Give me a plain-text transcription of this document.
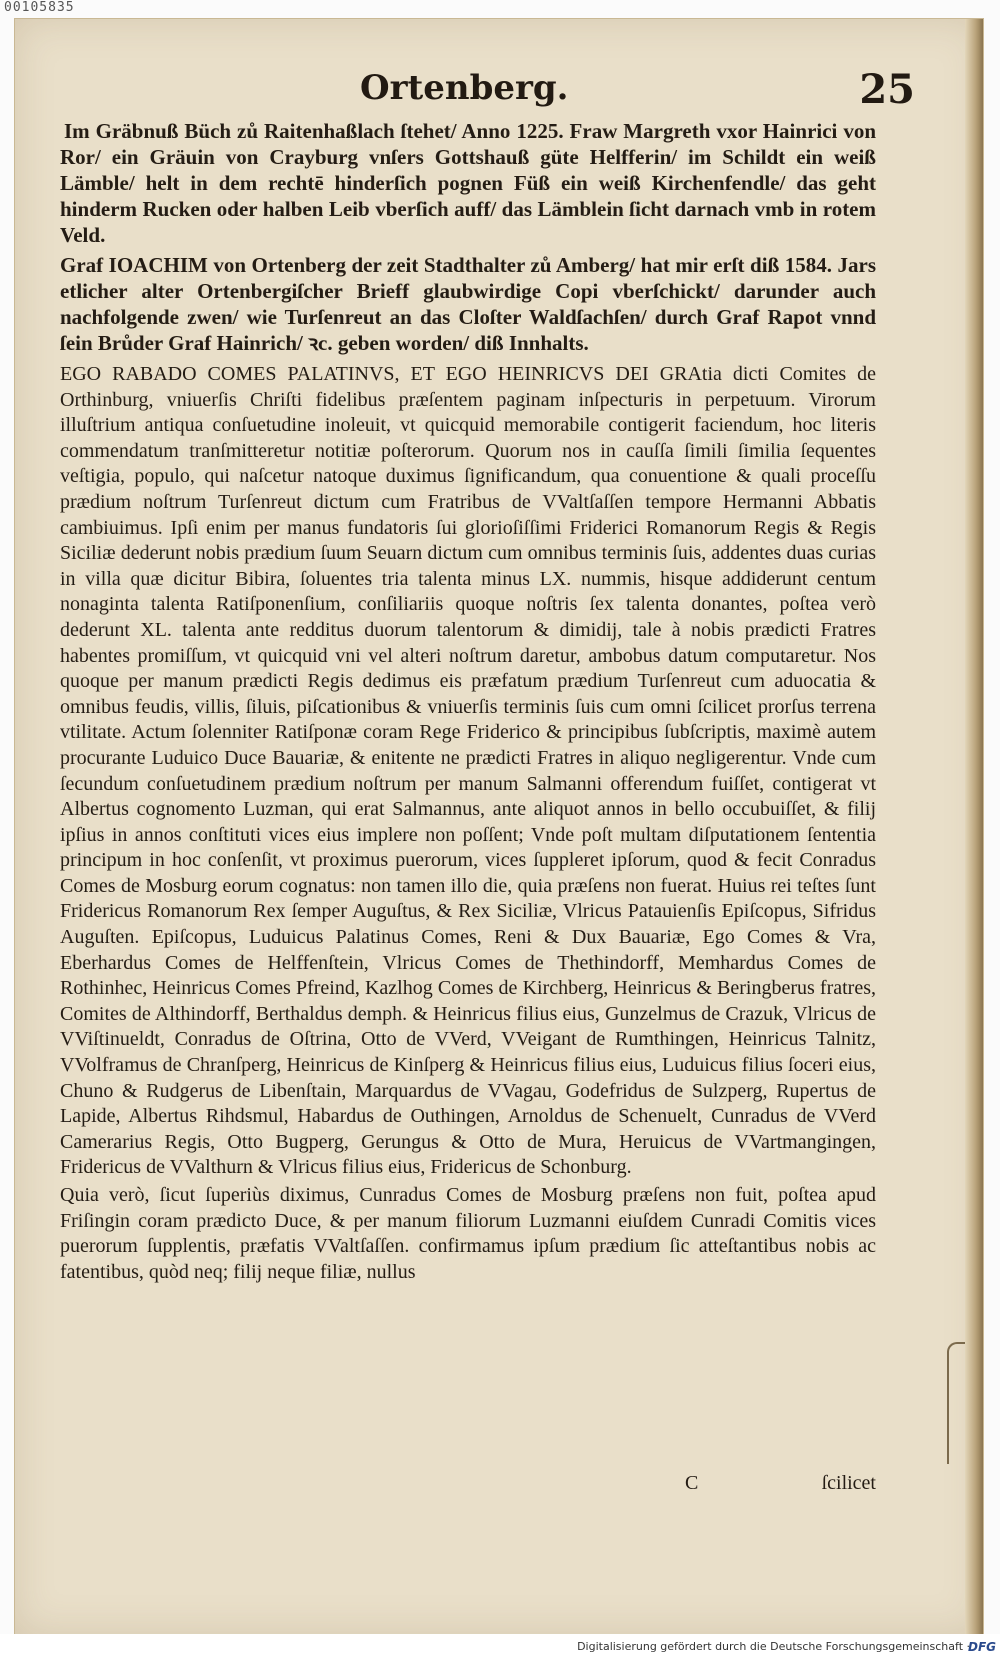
00105835
Ortenberg.	25

Im Gräbnuß Büch zů Raitenhaßlach ſtehet/ Anno 1225. Fraw Margreth vxor Hainrici von Ror/ ein Gräuin von Crayburg vnſers Gottshauß güte Helfferin/ im Schildt ein weiß Lämble/ helt in dem rechtē hinderſich pognen Füß ein weiß Kirchenfendle/ das geht hinderm Rucken oder halben Leib vberſich auff/ das Lämblein ſicht darnach vmb in rotem Veld.

Graf IOACHIM von Ortenberg der zeit Stadthalter zů Amberg/ hat mir erſt diß 1584. Jars etlicher alter Ortenbergiſcher Brieff glaubwirdige Copi vberſchickt/ darunder auch nachfolgende zwen/ wie Turſenreut an das Cloſter Waldſachſen/ durch Graf Rapot vnnd ſein Brůder Graf Hainrich/ ꝛc. geben worden/ diß Innhalts.

EGO RABADO COMES PALATINVS, ET EGO HEINRICVS DEI GRAtia dicti Comites de Orthinburg, vniuerſis Chriſti fidelibus præſentem paginam inſpecturis in perpetuum. Virorum illuſtrium antiqua conſuetudine inoleuit, vt quicquid memorabile contigerit faciendum, hoc literis commendatum tranſmitteretur notitiæ poſterorum. Quorum nos in cauſſa ſimili ſimilia ſequentes veſtigia, populo, qui naſcetur natoque duximus ſignificandum, qua conuentione & quali proceſſu prædium noſtrum Turſenreut dictum cum Fratribus de VValtſaſſen tempore Hermanni Abbatis cambiuimus. Ipſi enim per manus fundatoris ſui glorioſiſſimi Friderici Romanorum Regis & Regis Siciliæ dederunt nobis prædium ſuum Seuarn dictum cum omnibus terminis ſuis, addentes duas curias in villa quæ dicitur Bibira, ſoluentes tria talenta minus LX. nummis, hisque addiderunt centum nonaginta talenta Ratiſponenſium, conſiliariis quoque noſtris ſex talenta donantes, poſtea verò dederunt XL. talenta ante redditus duorum talentorum & dimidij, tale à nobis prædicti Fratres habentes promiſſum, vt quicquid vni vel alteri noſtrum daretur, ambobus datum computaretur. Nos quoque per manum prædicti Regis dedimus eis præfatum prædium Turſenreut cum aduocatia & omnibus feudis, villis, ſiluis, piſcationibus & vniuerſis terminis ſuis cum omni ſcilicet prorſus terrena vtilitate. Actum ſolenniter Ratiſponæ coram Rege Friderico & principibus ſubſcriptis, maximè autem procurante Luduico Duce Bauariæ, & enitente ne prædicti Fratres in aliquo negligerentur. Vnde cum ſecundum conſuetudinem prædium noſtrum per manum Salmanni offerendum fuiſſet, contigerat vt Albertus cognomento Luzman, qui erat Salmannus, ante aliquot annos in bello occubuiſſet, & filij ipſius in annos conſtituti vices eius implere non poſſent; Vnde poſt multam diſputationem ſententia principum in hoc conſenſit, vt proximus puerorum, vices ſuppleret ipſorum, quod & fecit Conradus Comes de Mosburg eorum cognatus: non tamen illo die, quia præſens non fuerat. Huius rei teſtes ſunt Fridericus Romanorum Rex ſemper Auguſtus, & Rex Siciliæ, Vlricus Patauienſis Epiſcopus, Sifridus Auguſten. Epiſcopus, Luduicus Palatinus Comes, Reni & Dux Bauariæ, Ego Comes & Vra, Eberhardus Comes de Helffenſtein, Vlricus Comes de Thethindorff, Memhardus Comes de Rothinhec, Heinricus Comes Pfreind, Kazlhog Comes de Kirchberg, Heinricus & Beringberus fratres, Comites de Althindorff, Berthaldus demph. & Heinricus filius eius, Gunzelmus de Crazuk, Vlricus de VViſtinueldt, Conradus de Oſtrina, Otto de VVerd, VVeigant de Rumthingen, Heinricus Talnitz, VVolframus de Chranſperg, Heinricus de Kinſperg & Heinricus filius eius, Luduicus filius ſoceri eius, Chuno & Rudgerus de Libenſtain, Marquardus de VVagau, Godefridus de Sulzperg, Rupertus de Lapide, Albertus Rihdsmul, Habardus de Outhingen, Arnoldus de Schenuelt, Cunradus de VVerd Camerarius Regis, Otto Bugperg, Gerungus & Otto de Mura, Heruicus de VVartmangingen, Fridericus de VValthurn & Vlricus filius eius, Fridericus de Schonburg.

Quia verò, ſicut ſuperiùs diximus, Cunradus Comes de Mosburg præſens non fuit, poſtea apud Friſingin coram prædicto Duce, & per manum filiorum Luzmanni eiuſdem Cunradi Comitis vices puerorum ſupplentis, præfatis VValtſaſſen. confirmamus ipſum prædium ſic atteſtantibus nobis ac fatentibus, quòd neq; filij neque filiæ, nullus

C	ſcilicet
Digitalisierung gefördert durch die Deutsche Forschungsgemeinschaft ·
DFG
